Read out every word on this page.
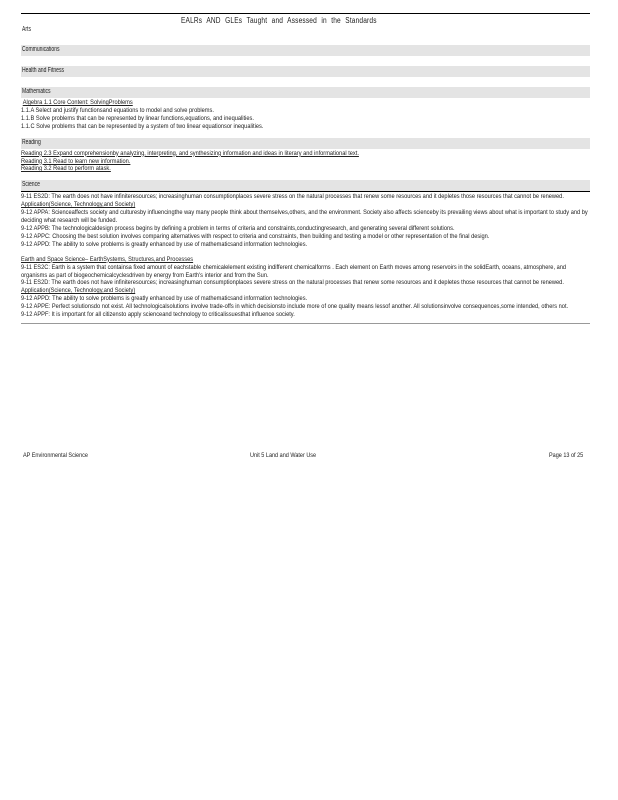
EALRs AND GLEs Taught and Assessed in the Standards
Arts
Communications
Health and Fitness
Mathematics
Algebra 1.1 Core Content: SolvingProblems
1.1.A Select and justify functionsand equations to model and solve problems.
1.1.B Solve problems that can be represented by linear functions,equations, and inequalities.
1.1.C Solve problems that can be represented by a system of two linear equationsor inequalities.
Reading
Reading 2.3 Expand comprehensionby analyzing, interpreting, and synthesizing information and ideas in literary and informational text.
Reading 3.1 Read to learn new information.
Reading 3.2 Read to perform atask.
Science
9-11 ES2D: The earth does not have infiniteresources; increasinghuman consumptionplaces severe stress on the natural processes that renew some resources and it depletes those resources that cannot be renewed.
Application(Science, Technology,and Society)
9-12 APPA: Scienceaffects society and culturesby influencingthe way many people think about themselves,others, and the environment. Society also affects scienceby its prevailing views about what is important to study and by deciding what research will be funded.
9-12 APPB: The technologicaldesign process begins by defining a problem in terms of criteria and constraints,conductingresearch, and generating several different solutions.
9-12 APPC: Choosing the best solution involves comparing alternatives with respect to criteria and constraints, then building and testing a model or other representation of the final design.
9-12 APPD: The ability to solve problems is greatly enhanced by use of mathematicsand information technologies.
Earth and Space Science– EarthSystems, Structures,and Processes
9-11 ES2C: Earth is a system that containsa fixed amount of eachstable chemicalelement existing indifferent chemicalforms . Each element on Earth moves among reservoirs in the solidEarth, oceans, atmosphere, and organisms as part of biogeochemicalcyclesdriven by energy from Earth's interior and from the Sun.
9-11 ES2D: The earth does not have infiniteresources; increasinghuman consumptionplaces severe stress on the natural processes that renew some resources and it depletes those resources that cannot be renewed.
Application(Science, Technology,and Society)
9-12 APPD: The ability to solve problems is greatly enhanced by use of mathematicsand information technologies.
9-12 APPE: Perfect solutionsdo not exist. All technologicalsolutions involve trade-offs in which decisionsto include more of one quality means lessof another. All solutionsinvolve consequences,some intended, others not.
9-12 APPF: It is important for all citizensto apply scienceand technology to criticalissuesthat influence society.
AP Environmental Science	Unit 5 Land and Water Use	Page 13 of 25
